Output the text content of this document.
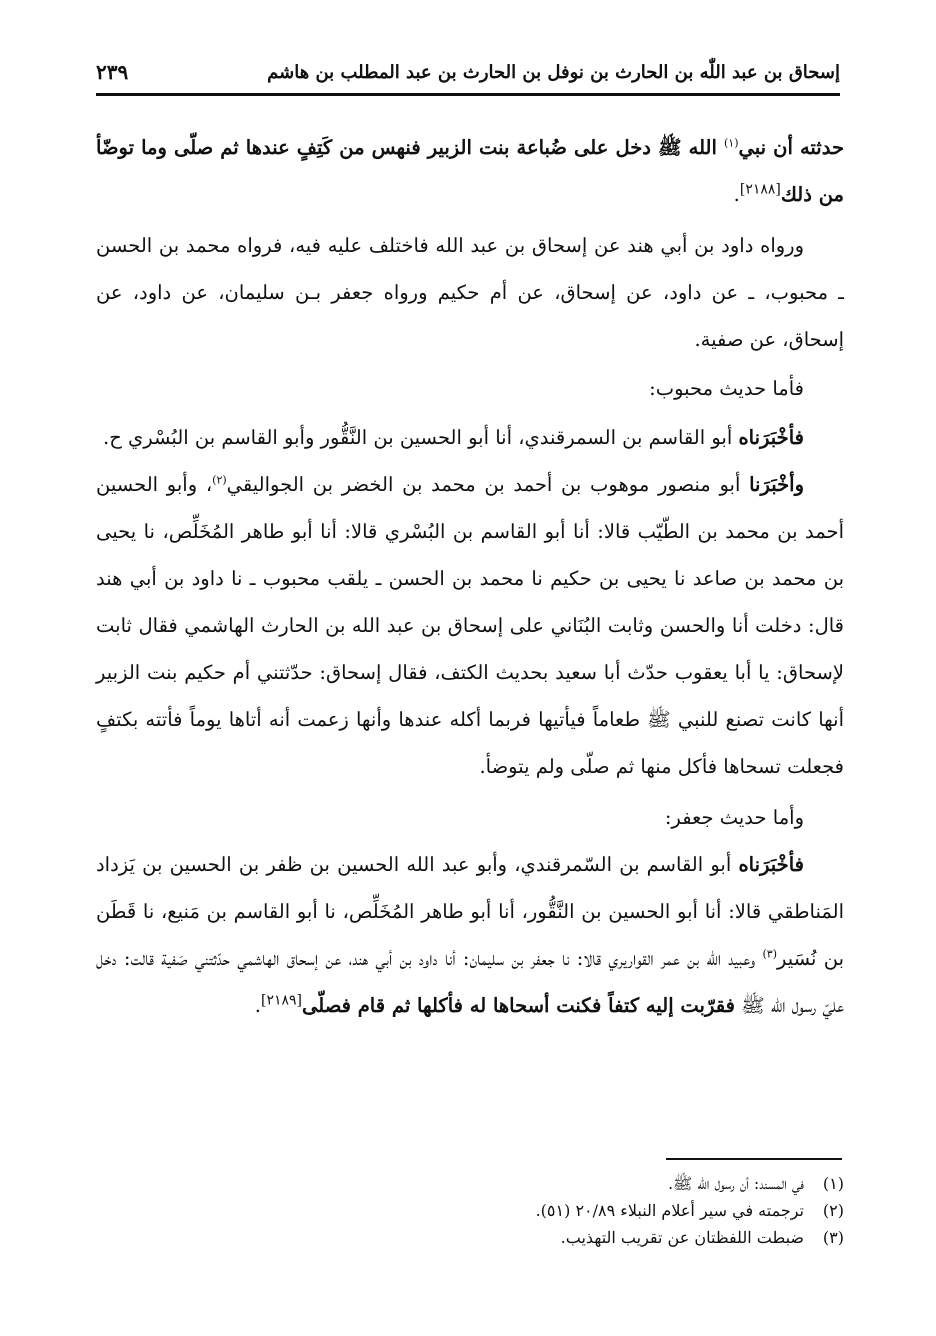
إسحاق بن عبد اللّٰه بن الحارث بن نوفل بن الحارث بن عبد المطلب بن هاشم
٢٣٩

حدثته أن نبي$^{(١)}$ الله ﷺ دخل على ضُباعة بنت الزبير فنهس من كَتِفٍ عندها ثم صلّى وما توضّأ من ذلك[٢١٨٨].

ورواه داود بن أبي هند عن إسحاق بن عبد الله فاختلف عليه فيه، فرواه محمد بن الحسن ـ محبوب، ـ عن داود، عن إسحاق، عن أم حكيم ورواه جعفر بـن سليمان، عن داود، عن إسحاق، عن صفية.

فأما حديث محبوب:

فأخْبَرَناه أبو القاسم بن السمرقندي، أنا أبو الحسين بن النَّقُّور وأبو القاسم بن البُسْري ح.

وأخْبَرَنا أبو منصور موهوب بن أحمد بن محمد بن الخضر بن الجواليقي$^{(٢)}$، وأبو الحسين أحمد بن محمد بن الطّيّب قالا: أنا أبو القاسم بن البُسْري قالا: أنا أبو طاهر المُخَلِّص، نا يحيى بن محمد بن صاعد نا يحيى بن حكيم نا محمد بن الحسن ـ يلقب محبوب ـ نا داود بن أبي هند قال: دخلت أنا والحسن وثابت البُنَاني على إسحاق بن عبد الله بن الحارث الهاشمي فقال ثابت لإسحاق: يا أبا يعقوب حدّث أبا سعيد بحديث الكتف، فقال إسحاق: حدّثتني أم حكيم بنت الزبير أنها كانت تصنع للنبي ﷺ طعاماً فيأتيها فربما أكله عندها وأنها زعمت أنه أتاها يوماً فأتته بكتفٍ فجعلت تسحاها فأكل منها ثم صلّى ولم يتوضأ.

وأما حديث جعفر:

فأخْبَرَناه أبو القاسم بن السّمرقندي، وأبو عبد الله الحسين بن ظفر بن الحسين بن يَزداد المَناطقي قالا: أنا أبو الحسين بن النَّقُّور، أنا أبو طاهر المُخَلِّص، نا أبو القاسم بن مَنيع، نا قَطَن بن نُسَير$^{(٣)}$ وعبيد الله بن عمر القواريري قالا: نا جعفر بن سليمان: أنا داود بن أبي هند، عن إسحاق الهاشمي حدّثتني صَفية قالت: دخل عليّ رسول الله ﷺ فقرّبت إليه كتفاً فكنت أسحاها له فأكلها ثم قام فصلّى[٢١٨٩].

(١)في المسند: أن رسول الله ﷺ.
(٢)ترجمته في سير أعلام النبلاء ٢٠/٨٩ (٥١).
(٣)ضبطت اللفظتان عن تقريب التهذيب.
